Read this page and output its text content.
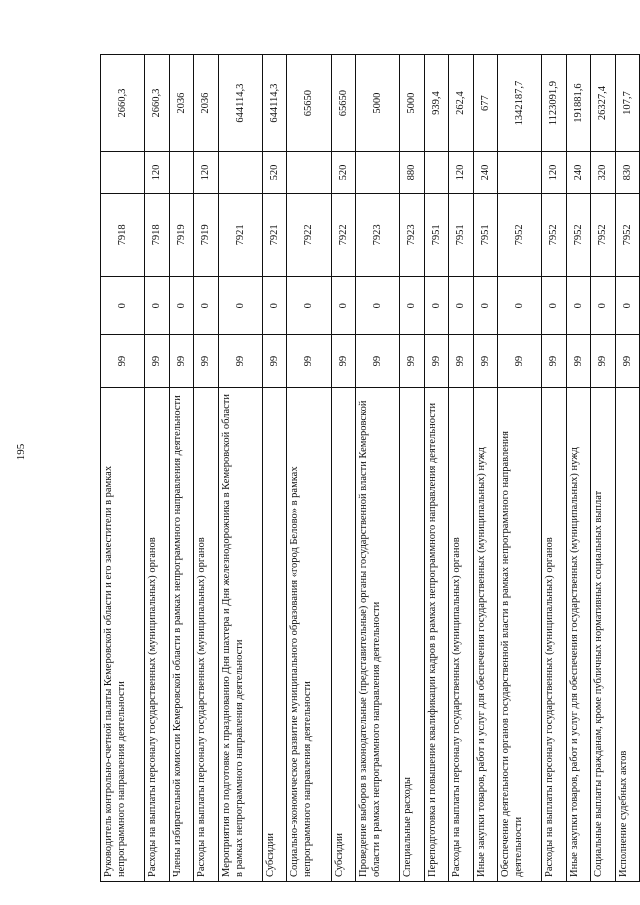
195
Руководитель контрольно-счетной палаты Кемеровской области и его заместители в рамках непрограммного направления деятельности	99	0	7918		2660,3
Расходы на выплаты персоналу государственных (муниципальных) органов	99	0	7918	120	2660,3
Члены избирательной комиссии Кемеровской области в рамках непрограммного направления деятельности	99	0	7919		2036
Расходы на выплаты персоналу государственных (муниципальных) органов	99	0	7919	120	2036
Мероприятия по подготовке к празднованию Дня шахтера и Дня железнодорожника в Кемеровской области в рамках непрограммного направления деятельности	99	0	7921		644114,3
Субсидии	99	0	7921	520	644114,3
Социально-экономическое развитие муниципального образования «город Белово» в рамках непрограммного направления деятельности	99	0	7922		65650
Субсидии	99	0	7922	520	65650
Проведение выборов в законодательные (представительные) органы государственной власти Кемеровской области в рамках непрограммного направления деятельности	99	0	7923		5000
Специальные расходы	99	0	7923	880	5000
Переподготовка и повышение квалификации кадров в рамках непрограммного направления деятельности	99	0	7951		939,4
Расходы на выплаты персоналу государственных (муниципальных) органов	99	0	7951	120	262,4
Иные закупки товаров, работ и услуг для обеспечения государственных (муниципальных) нужд	99	0	7951	240	677
Обеспечение деятельности органов государственной власти в рамках непрограммного направления деятельности	99	0	7952		1342187,7
Расходы на выплаты персоналу государственных (муниципальных) органов	99	0	7952	120	1123091,9
Иные закупки товаров, работ и услуг для обеспечения государственных (муниципальных) нужд	99	0	7952	240	191881,6
Социальные выплаты гражданам, кроме публичных нормативных социальных выплат	99	0	7952	320	26327,4
Исполнение судебных актов	99	0	7952	830	107,7
